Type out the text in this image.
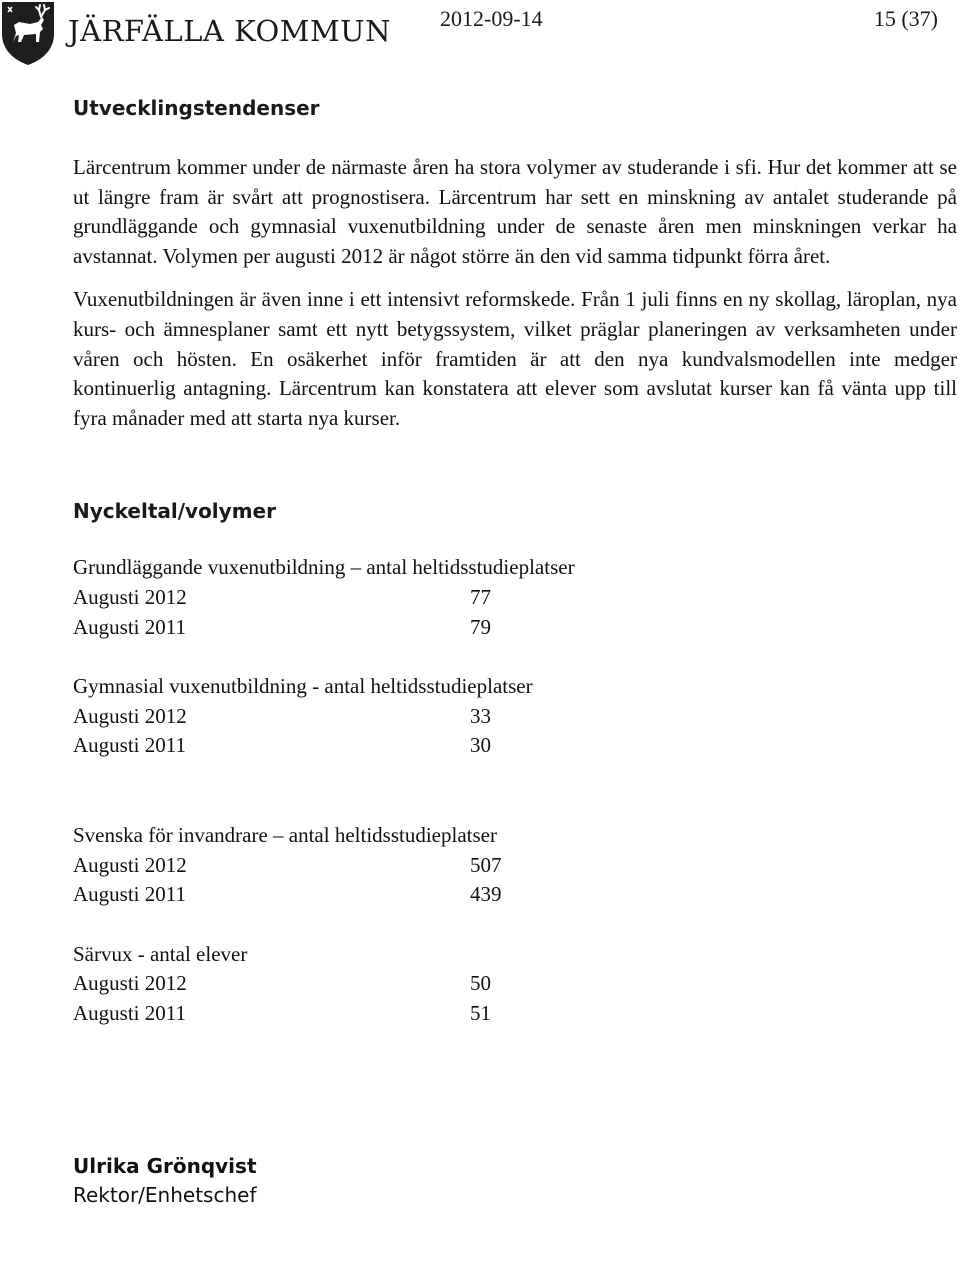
JÄRFÄLLA KOMMUN 2012-09-14	15 (37)
Utvecklingstendenser

Lärcentrum kommer under de närmaste åren ha stora volymer av studerande i sfi. Hur det kommer att se ut längre fram är svårt att prognostisera. Lärcentrum har sett en minskning av antalet studerande på grundläggande och gymnasial vuxenutbildning under de senaste åren men minskningen verkar ha avstannat. Volymen per augusti 2012 är något större än den vid samma tidpunkt förra året.

Vuxenutbildningen är även inne i ett intensivt reformskede. Från 1 juli finns en ny skollag, läroplan, nya kurs- och ämnesplaner samt ett nytt betygssystem, vilket präglar planeringen av verksamheten under våren och hösten. En osäkerhet inför framtiden är att den nya kundvalsmodellen inte medger kontinuerlig antagning. Lärcentrum kan konstatera att elever som avslutat kurser kan få vänta upp till fyra månader med att starta nya kurser.

Nyckeltal/volymer
Grundläggande vuxenutbildning – antal heltidsstudieplatser
Augusti 2012	77
Augusti 2011	79
Gymnasial vuxenutbildning - antal heltidsstudieplatser
Augusti 2012	33
Augusti 2011	30
Svenska för invandrare – antal heltidsstudieplatser
Augusti 2012	507
Augusti 2011	439
Särvux - antal elever
Augusti 2012	50
Augusti 2011	51
Ulrika Grönqvist
Rektor/Enhetschef
